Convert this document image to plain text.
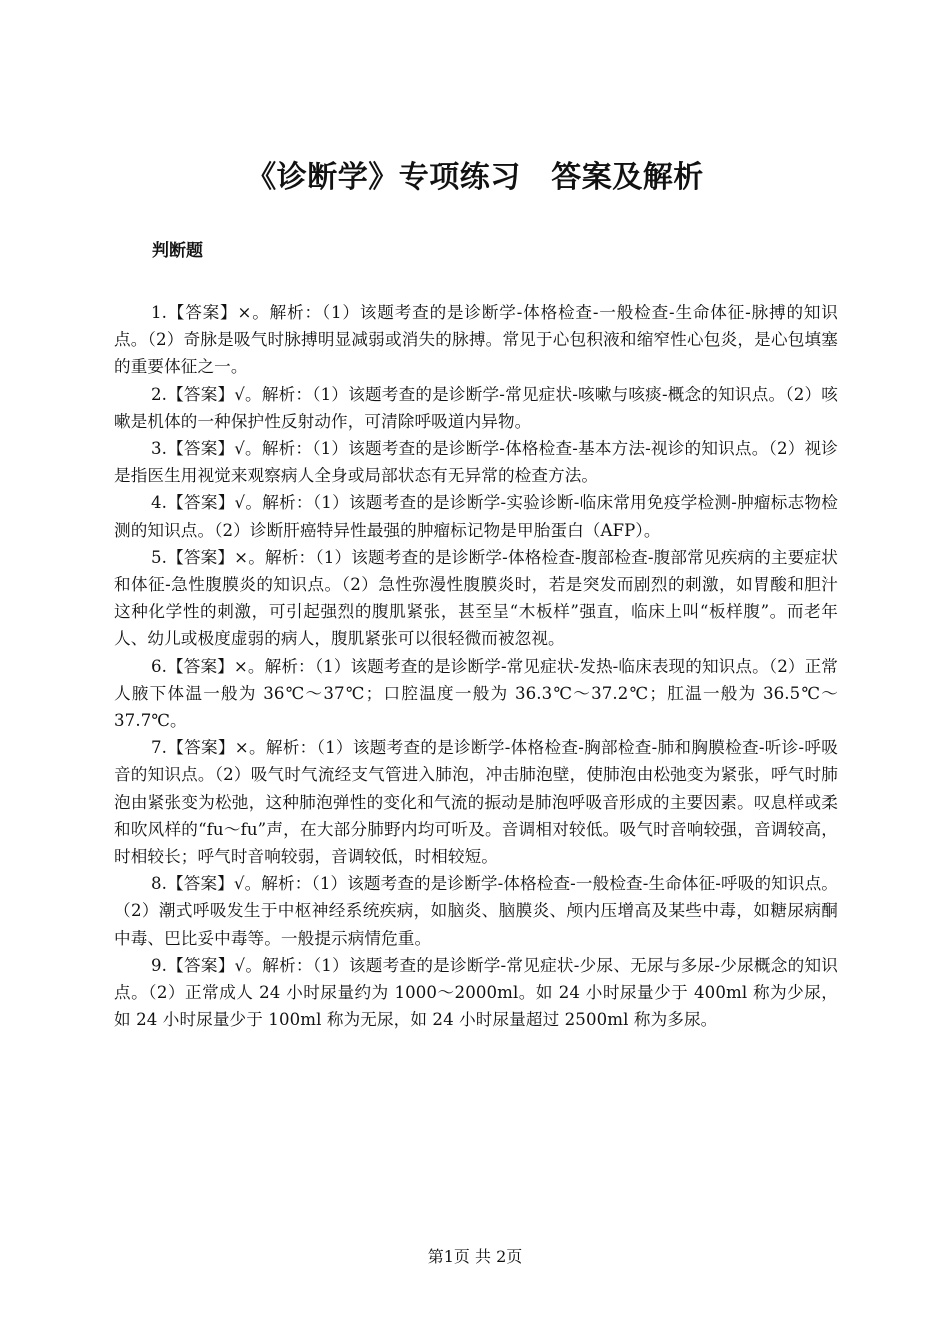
《诊断学》专项练习　答案及解析
判断题

1.【答案】×。解析：（1）该题考查的是诊断学-体格检查-一般检查-生命体征-脉搏的知识点。（2）奇脉是吸气时脉搏明显减弱或消失的脉搏。常见于心包积液和缩窄性心包炎，是心包填塞的重要体征之一。

2.【答案】√。解析：（1）该题考查的是诊断学-常见症状-咳嗽与咳痰-概念的知识点。（2）咳嗽是机体的一种保护性反射动作，可清除呼吸道内异物。

3.【答案】√。解析：（1）该题考查的是诊断学-体格检查-基本方法-视诊的知识点。（2）视诊是指医生用视觉来观察病人全身或局部状态有无异常的检查方法。

4.【答案】√。解析：（1）该题考查的是诊断学-实验诊断-临床常用免疫学检测-肿瘤标志物检测的知识点。（2）诊断肝癌特异性最强的肿瘤标记物是甲胎蛋白（AFP）。

5.【答案】×。解析：（1）该题考查的是诊断学-体格检查-腹部检查-腹部常见疾病的主要症状和体征-急性腹膜炎的知识点。（2）急性弥漫性腹膜炎时，若是突发而剧烈的刺激，如胃酸和胆汁这种化学性的刺激，可引起强烈的腹肌紧张，甚至呈“木板样”强直，临床上叫“板样腹”。而老年人、幼儿或极度虚弱的病人，腹肌紧张可以很轻微而被忽视。

6.【答案】×。解析：（1）该题考查的是诊断学-常见症状-发热-临床表现的知识点。（2）正常人腋下体温一般为 36℃～37℃；口腔温度一般为 36.3℃～37.2℃；肛温一般为 36.5℃～37.7℃。

7.【答案】×。解析：（1）该题考查的是诊断学-体格检查-胸部检查-肺和胸膜检查-听诊-呼吸音的知识点。（2）吸气时气流经支气管进入肺泡，冲击肺泡壁，使肺泡由松弛变为紧张，呼气时肺泡由紧张变为松弛，这种肺泡弹性的变化和气流的振动是肺泡呼吸音形成的主要因素。叹息样或柔和吹风样的“fu～fu”声，在大部分肺野内均可听及。音调相对较低。吸气时音响较强，音调较高，时相较长；呼气时音响较弱，音调较低，时相较短。

8.【答案】√。解析：（1）该题考查的是诊断学-体格检查-一般检查-生命体征-呼吸的知识点。（2）潮式呼吸发生于中枢神经系统疾病，如脑炎、脑膜炎、颅内压增高及某些中毒，如糖尿病酮中毒、巴比妥中毒等。一般提示病情危重。

9.【答案】√。解析：（1）该题考查的是诊断学-常见症状-少尿、无尿与多尿-少尿概念的知识点。（2）正常成人 24 小时尿量约为 1000～2000ml。如 24 小时尿量少于 400ml 称为少尿，如 24 小时尿量少于 100ml 称为无尿，如 24 小时尿量超过 2500ml 称为多尿。

第1页 共 2页
